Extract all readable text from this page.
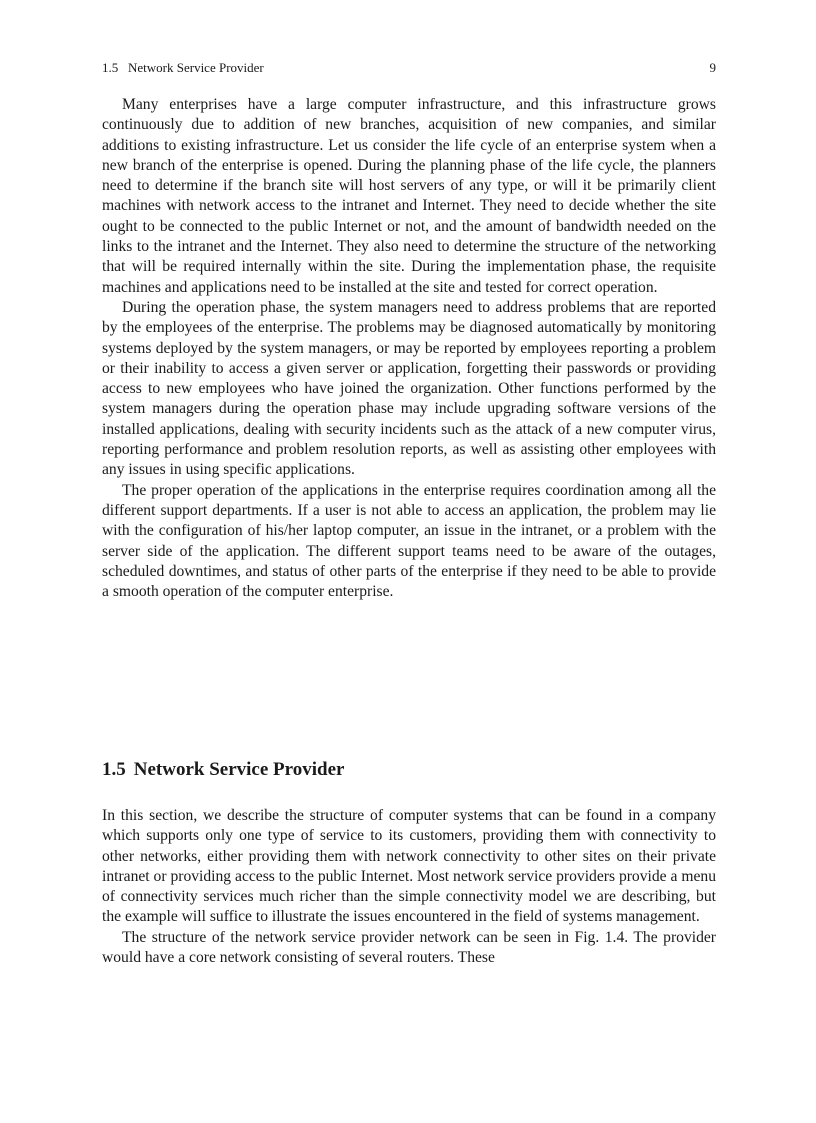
1.5   Network Service Provider	9

Many enterprises have a large computer infrastructure, and this infrastructure grows continuously due to addition of new branches, acquisition of new companies, and similar additions to existing infrastructure. Let us consider the life cycle of an enterprise system when a new branch of the enterprise is opened. During the planning phase of the life cycle, the planners need to determine if the branch site will host servers of any type, or will it be primarily client machines with network access to the intranet and Internet. They need to decide whether the site ought to be connected to the public Internet or not, and the amount of bandwidth needed on the links to the intranet and the Internet. They also need to determine the structure of the networking that will be required internally within the site. During the implementation phase, the requisite machines and applications need to be installed at the site and tested for correct operation.

During the operation phase, the system managers need to address problems that are reported by the employees of the enterprise. The problems may be diagnosed automatically by monitoring systems deployed by the system managers, or may be reported by employees reporting a problem or their inability to access a given server or application, forgetting their passwords or providing access to new employees who have joined the organization. Other functions performed by the system managers during the operation phase may include upgrading software versions of the installed applications, dealing with security incidents such as the attack of a new computer virus, reporting performance and problem resolution reports, as well as assisting other employees with any issues in using specific applications.

The proper operation of the applications in the enterprise requires coordination among all the different support departments. If a user is not able to access an application, the problem may lie with the configuration of his/her laptop computer, an issue in the intranet, or a problem with the server side of the application. The different support teams need to be aware of the outages, scheduled downtimes, and status of other parts of the enterprise if they need to be able to provide a smooth operation of the computer enterprise.

1.5 Network Service Provider

In this section, we describe the structure of computer systems that can be found in a company which supports only one type of service to its customers, providing them with connectivity to other networks, either providing them with network connectivity to other sites on their private intranet or providing access to the public Internet. Most network service providers provide a menu of connectivity services much richer than the simple connectivity model we are describing, but the example will suffice to illustrate the issues encountered in the field of systems management.

The structure of the network service provider network can be seen in Fig. 1.4. The provider would have a core network consisting of several routers. These
